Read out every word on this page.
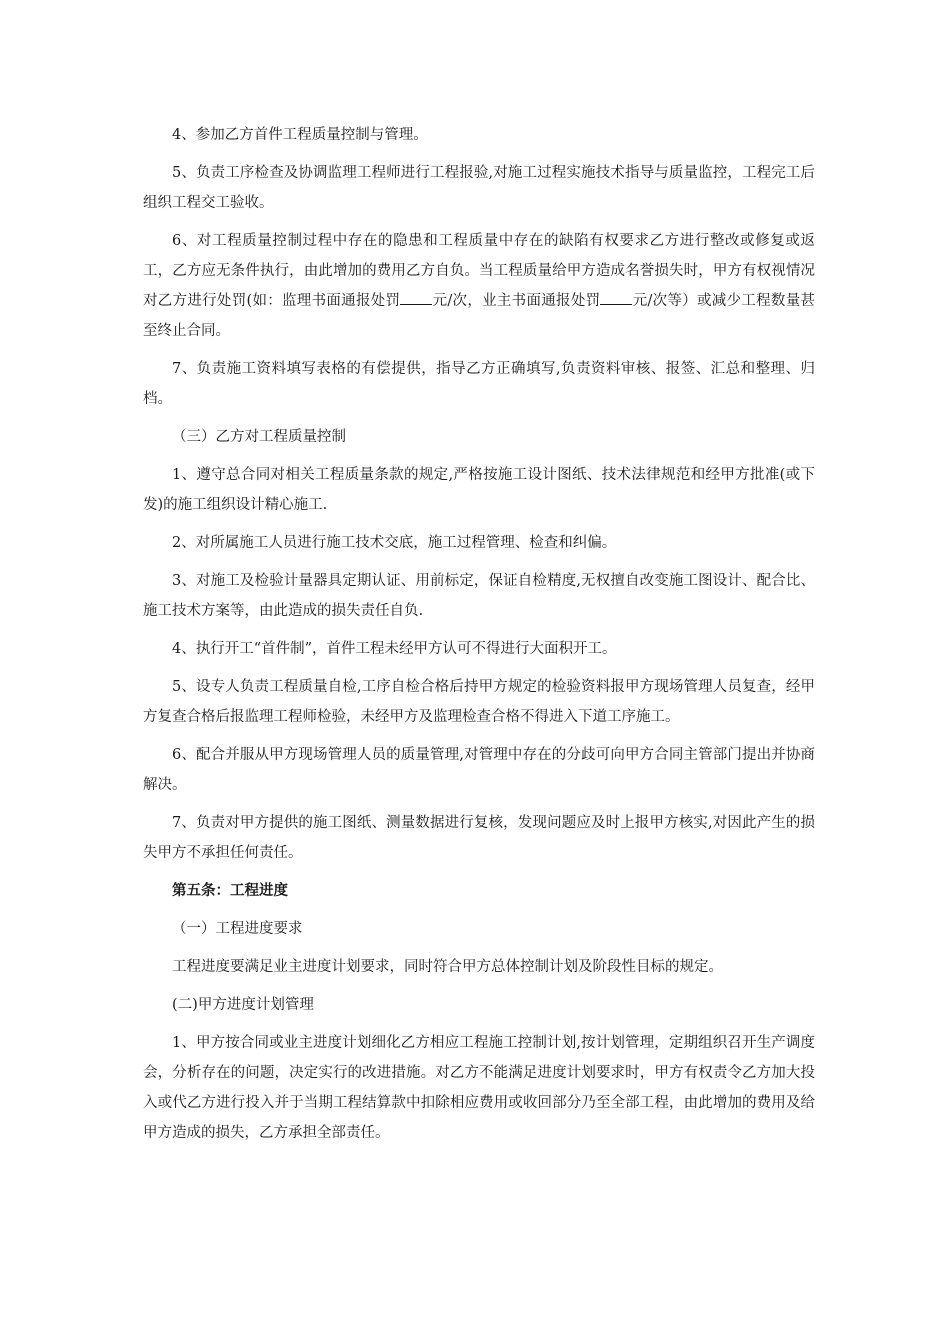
4、参加乙方首件工程质量控制与管理。

5、负责工序检查及协调监理工程师进行工程报验,对施工过程实施技术指导与质量监控，工程完工后组织工程交工验收。

6、对工程质量控制过程中存在的隐患和工程质量中存在的缺陷有权要求乙方进行整改或修复或返工，乙方应无条件执行，由此增加的费用乙方自负。当工程质量给甲方造成名誉损失时，甲方有权视情况对乙方进行处罚(如：监理书面通报处罚 元/次，业主书面通报处罚 元/次等）或减少工程数量甚至终止合同。

7、负责施工资料填写表格的有偿提供，指导乙方正确填写,负责资料审核、报签、汇总和整理、归档。

（三）乙方对工程质量控制

1、遵守总合同对相关工程质量条款的规定,严格按施工设计图纸、技术法律规范和经甲方批准(或下发)的施工组织设计精心施工.

2、对所属施工人员进行施工技术交底，施工过程管理、检查和纠偏。

3、对施工及检验计量器具定期认证、用前标定，保证自检精度,无权擅自改变施工图设计、配合比、施工技术方案等，由此造成的损失责任自负.

4、执行开工“首件制”，首件工程未经甲方认可不得进行大面积开工。

5、设专人负责工程质量自检,工序自检合格后持甲方规定的检验资料报甲方现场管理人员复查，经甲方复查合格后报监理工程师检验，未经甲方及监理检查合格不得进入下道工序施工。

6、配合并服从甲方现场管理人员的质量管理,对管理中存在的分歧可向甲方合同主管部门提出并协商解决。

7、负责对甲方提供的施工图纸、测量数据进行复核，发现问题应及时上报甲方核实,对因此产生的损失甲方不承担任何责任。

第五条：工程进度

（一）工程进度要求

工程进度要满足业主进度计划要求，同时符合甲方总体控制计划及阶段性目标的规定。

(二)甲方进度计划管理

1、甲方按合同或业主进度计划细化乙方相应工程施工控制计划,按计划管理，定期组织召开生产调度会，分析存在的问题，决定实行的改进措施。对乙方不能满足进度计划要求时，甲方有权责令乙方加大投入或代乙方进行投入并于当期工程结算款中扣除相应费用或收回部分乃至全部工程，由此增加的费用及给甲方造成的损失，乙方承担全部责任。
